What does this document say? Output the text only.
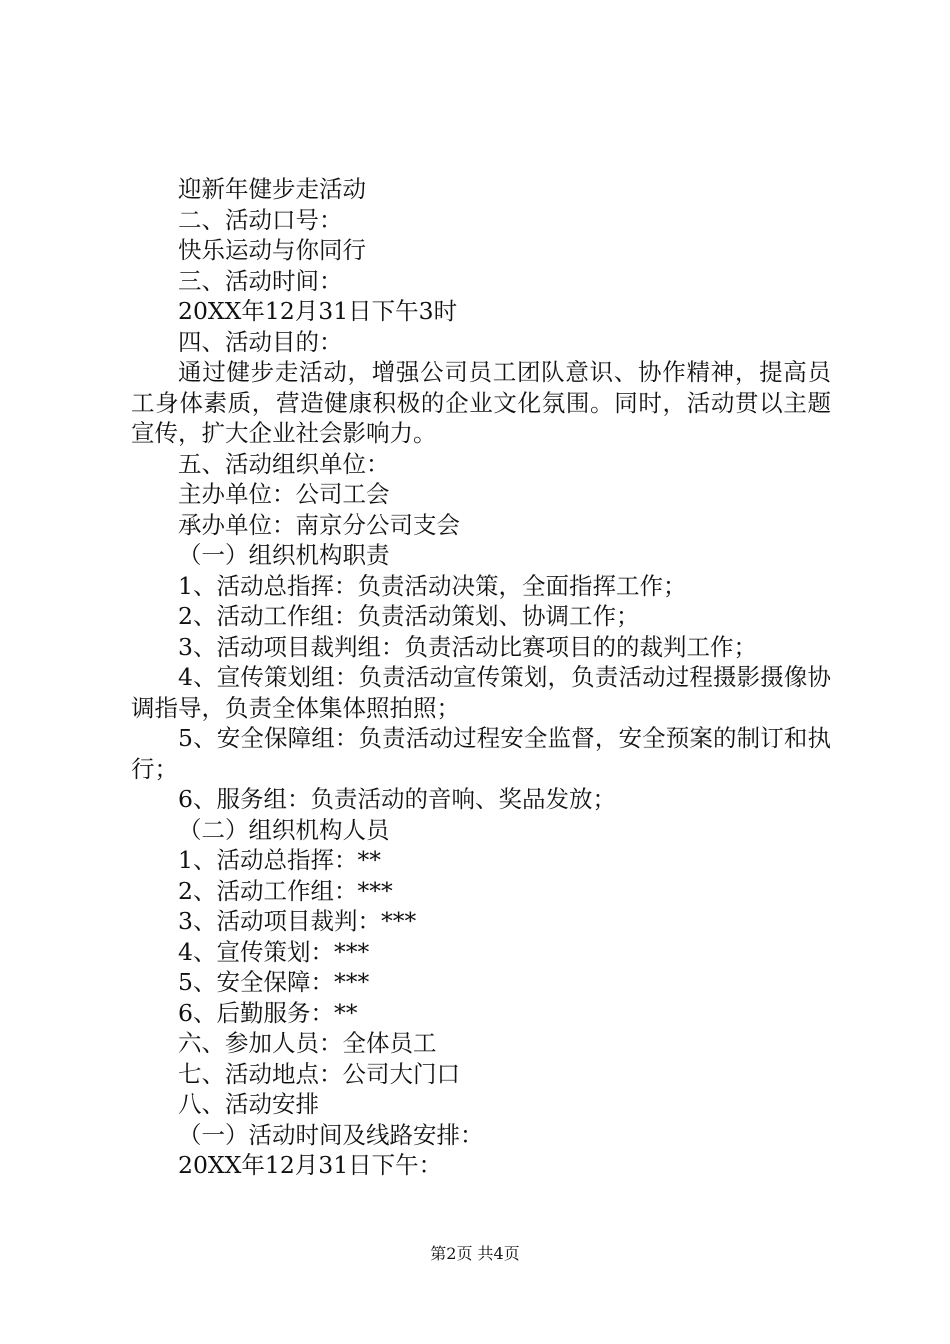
迎新年健步走活动

二、活动口号：

快乐运动与你同行

三、活动时间：

20XX年12月31日下午3时

四、活动目的：

通过健步走活动，增强公司员工团队意识、协作精神，提高员工身体素质，营造健康积极的企业文化氛围。同时，活动贯以主题宣传，扩大企业社会影响力。

五、活动组织单位：

主办单位：公司工会

承办单位：南京分公司支会

（一）组织机构职责

1、活动总指挥：负责活动决策，全面指挥工作；

2、活动工作组：负责活动策划、协调工作；

3、活动项目裁判组：负责活动比赛项目的的裁判工作；

4、宣传策划组：负责活动宣传策划，负责活动过程摄影摄像协调指导，负责全体集体照拍照；

5、安全保障组：负责活动过程安全监督，安全预案的制订和执行；

6、服务组：负责活动的音响、奖品发放；

（二）组织机构人员

1、活动总指挥：**

2、活动工作组：***

3、活动项目裁判：***

4、宣传策划：***

5、安全保障：***

6、后勤服务：**

六、参加人员：全体员工

七、活动地点：公司大门口

八、活动安排

（一）活动时间及线路安排：

20XX年12月31日下午：

第2页 共4页
